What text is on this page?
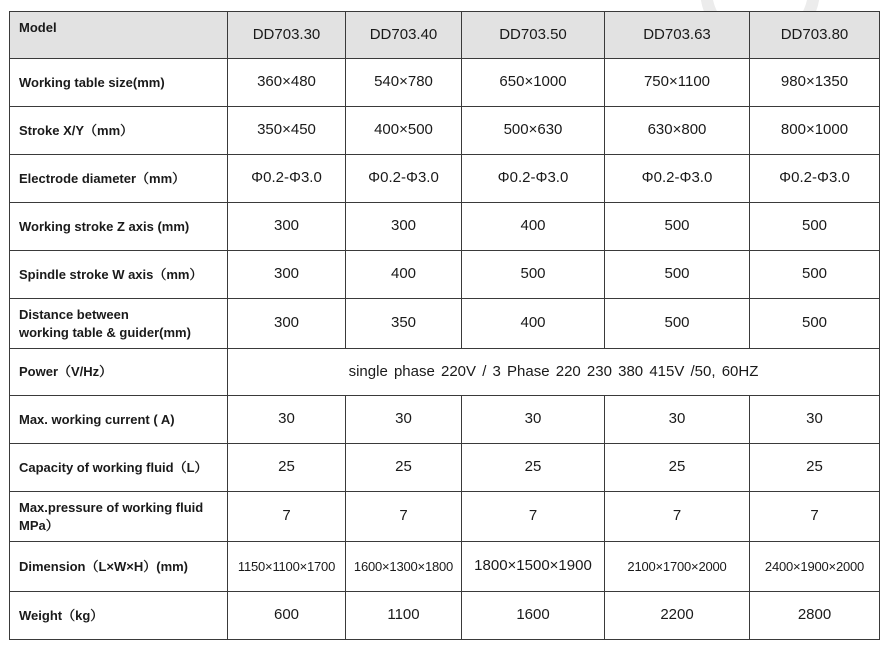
Model	DD703.30	DD703.40	DD703.50	DD703.63	DD703.80
Working table size(mm)	360×480	540×780	650×1000	750×1100	980×1350
Stroke X/Y（mm）	350×450	400×500	500×630	630×800	800×1000
Electrode diameter（mm）	Φ0.2-Φ3.0	Φ0.2-Φ3.0	Φ0.2-Φ3.0	Φ0.2-Φ3.0	Φ0.2-Φ3.0
Working stroke Z axis (mm)	300	300	400	500	500
Spindle stroke W axis（mm）	300	400	500	500	500

Distance between
working table & guider(mm)	300	350	400	500	500
Power（V/Hz）	single phase 220V / 3 Phase 220 230 380 415V /50, 60HZ				
Max. working current ( A)	30	30	30	30	30
Capacity of working fluid（L）	25	25	25	25	25

Max.pressure of working fluid
MPa）	7	7	7	7	7
Dimension（L×W×H）(mm)	1150×1100×1700	1600×1300×1800	1800×1500×1900	2100×1700×2000	2400×1900×2000
Weight（kg）	600	1100	1600	2200	2800
